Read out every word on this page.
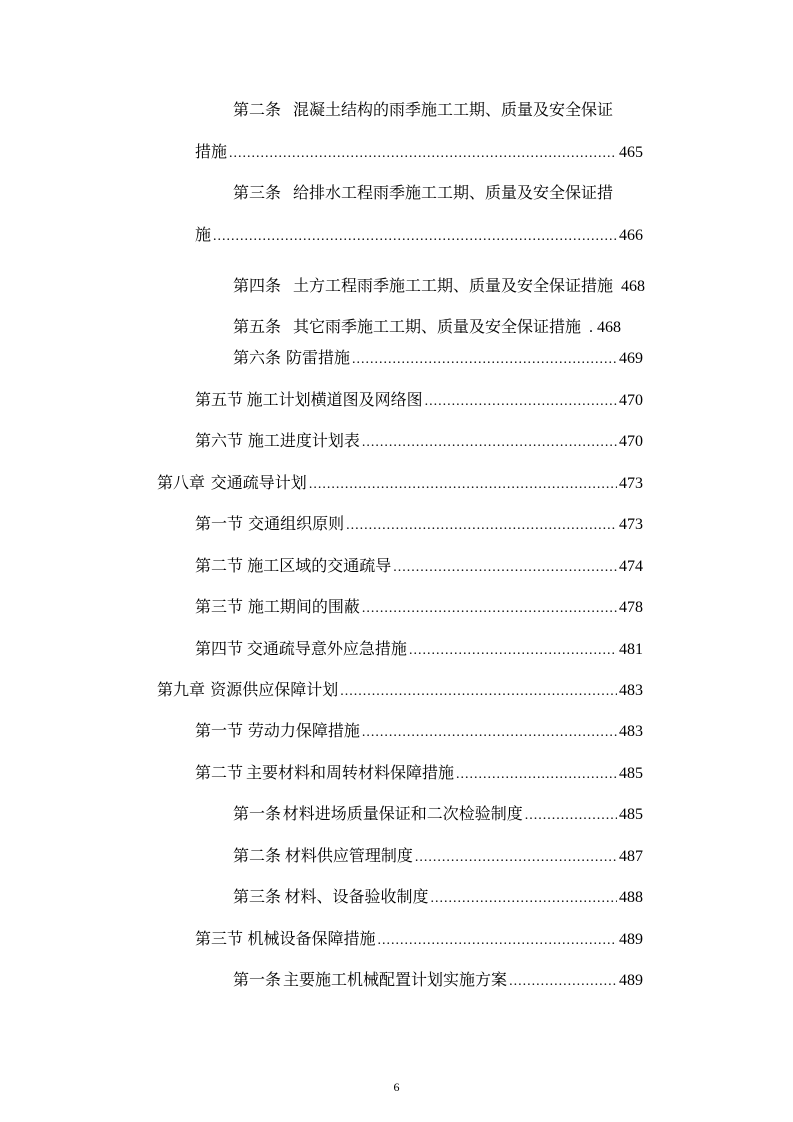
第二条 混凝土结构的雨季施工工期、质量及安全保证
措施 .....	465
第三条 给排水工程雨季施工工期、质量及安全保证措
施 .....	466
第四条 土方工程雨季施工工期、质量及安全保证措施 468
第五条 其它雨季施工工期、质量及安全保证措施 . 468
第六条 防雷措施 .....	469
第五节 施工计划横道图及网络图 .....	470
第六节 施工进度计划表 .....	470
第八章 交通疏导计划 .....	473
第一节 交通组织原则 .....	473
第二节 施工区域的交通疏导 .....	474
第三节 施工期间的围蔽 .....	478
第四节 交通疏导意外应急措施 .....	481
第九章 资源供应保障计划 .....	483
第一节 劳动力保障措施 .....	483
第二节 主要材料和周转材料保障措施 .....	485
第一条 材料进场质量保证和二次检验制度 .....	485
第二条 材料供应管理制度 .....	487
第三条 材料、设备验收制度 .....	488
第三节 机械设备保障措施 .....	489
第一条 主要施工机械配置计划实施方案 .....	489
6
